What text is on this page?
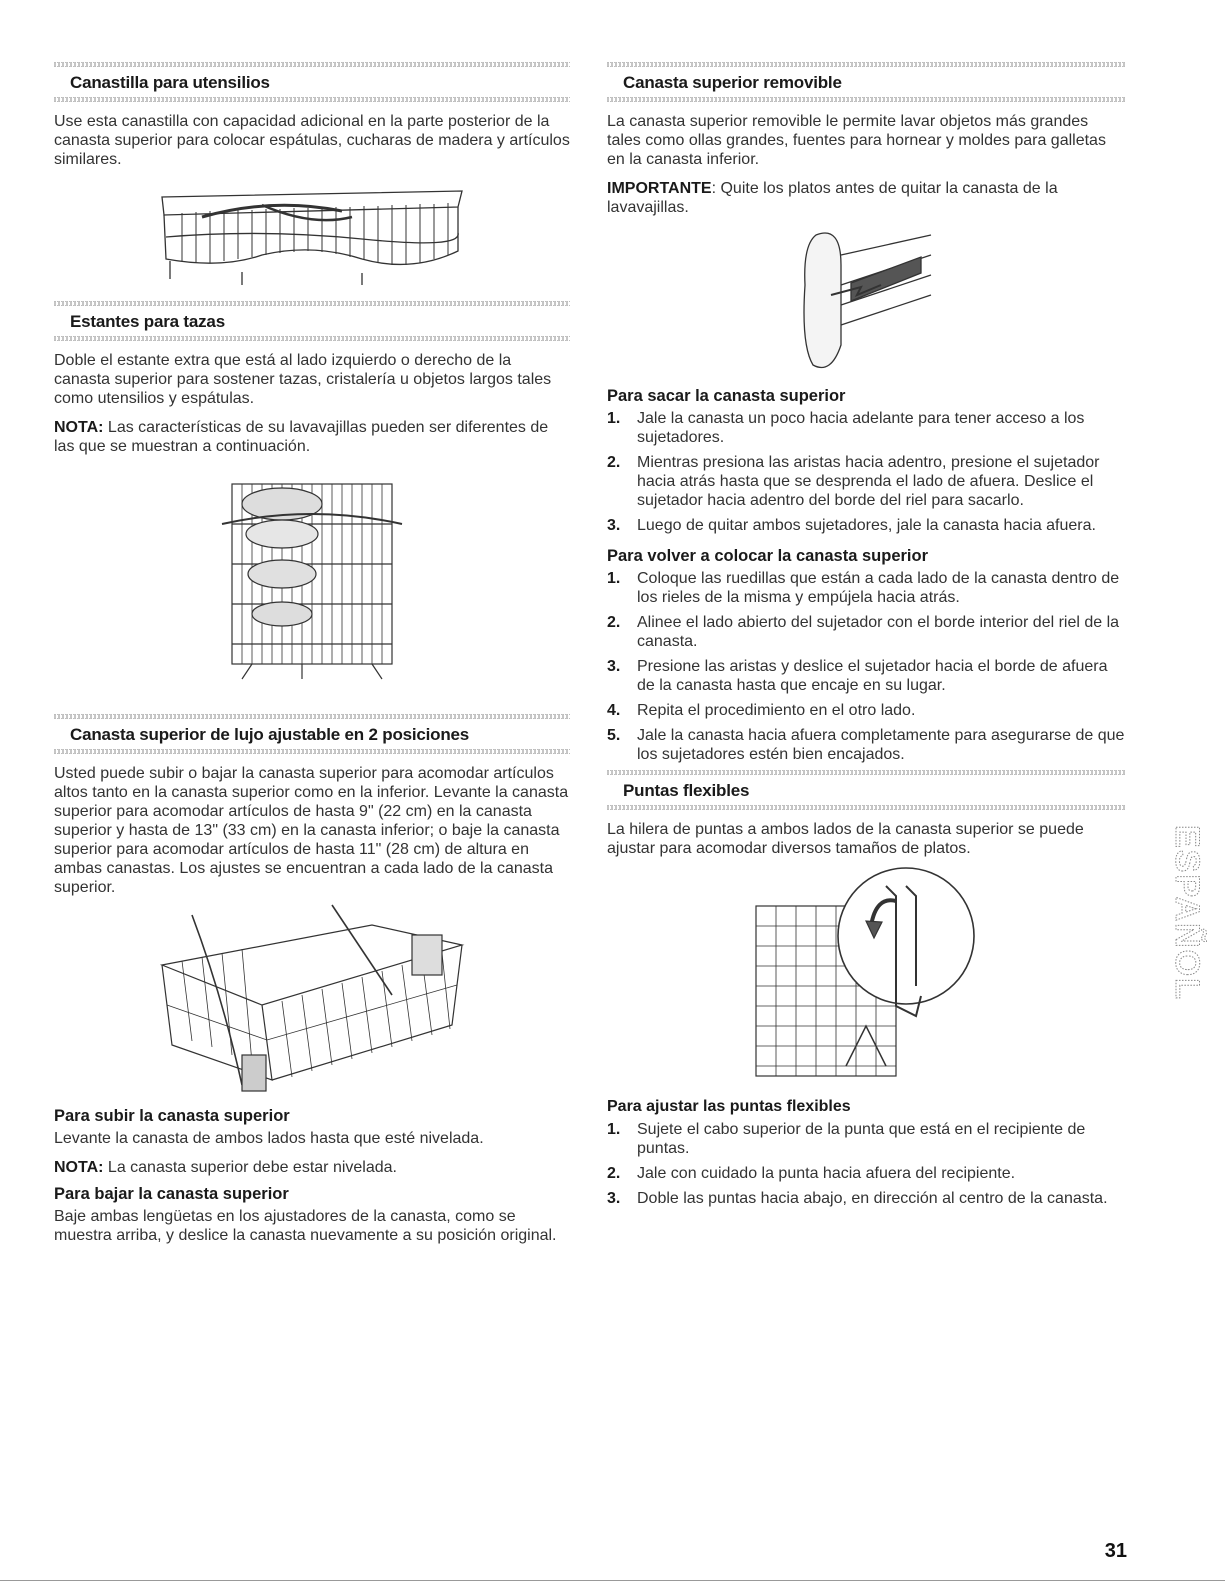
Canastilla para utensilios

Use esta canastilla con capacidad adicional en la parte posterior de la canasta superior para colocar espátulas, cucharas de madera y artículos similares.

Estantes para tazas

Doble el estante extra que está al lado izquierdo o derecho de la canasta superior para sostener tazas, cristalería u objetos largos tales como utensilios y espátulas.

NOTA: Las características de su lavavajillas pueden ser diferentes de las que se muestran a continuación.

Canasta superior de lujo ajustable en 2 posiciones

Usted puede subir o bajar la canasta superior para acomodar artículos altos tanto en la canasta superior como en la inferior. Levante la canasta superior para acomodar artículos de hasta 9" (22 cm) en la canasta superior y hasta de 13" (33 cm) en la canasta inferior; o baje la canasta superior para acomodar artículos de hasta 11" (28 cm) de altura en ambas canastas. Los ajustes se encuentran a cada lado de la canasta superior.

Para subir la canasta superior

Levante la canasta de ambos lados hasta que esté nivelada.

NOTA: La canasta superior debe estar nivelada.

Para bajar la canasta superior

Baje ambas lengüetas en los ajustadores de la canasta, como se muestra arriba, y deslice la canasta nuevamente a su posición original.

Canasta superior removible

La canasta superior removible le permite lavar objetos más grandes tales como ollas grandes, fuentes para hornear y moldes para galletas en la canasta inferior.

IMPORTANTE: Quite los platos antes de quitar la canasta de la lavavajillas.

Para sacar la canasta superior
1. Jale la canasta un poco hacia adelante para tener acceso a los sujetadores.
2. Mientras presiona las aristas hacia adentro, presione el sujetador hacia atrás hasta que se desprenda el lado de afuera. Deslice el sujetador hacia adentro del borde del riel para sacarlo.
3. Luego de quitar ambos sujetadores, jale la canasta hacia afuera.
Para volver a colocar la canasta superior
1. Coloque las ruedillas que están a cada lado de la canasta dentro de los rieles de la misma y empújela hacia atrás.
2. Alinee el lado abierto del sujetador con el borde interior del riel de la canasta.
3. Presione las aristas y deslice el sujetador hacia el borde de afuera de la canasta hasta que encaje en su lugar.
4. Repita el procedimiento en el otro lado.
5. Jale la canasta hacia afuera completamente para asegurarse de que los sujetadores estén bien encajados.
Puntas flexibles

La hilera de puntas a ambos lados de la canasta superior se puede ajustar para acomodar diversos tamaños de platos.

Para ajustar las puntas flexibles
1. Sujete el cabo superior de la punta que está en el recipiente de puntas.
2. Jale con cuidado la punta hacia afuera del recipiente.
3. Doble las puntas hacia abajo, en dirección al centro de la canasta.
ESPAÑOL
31
